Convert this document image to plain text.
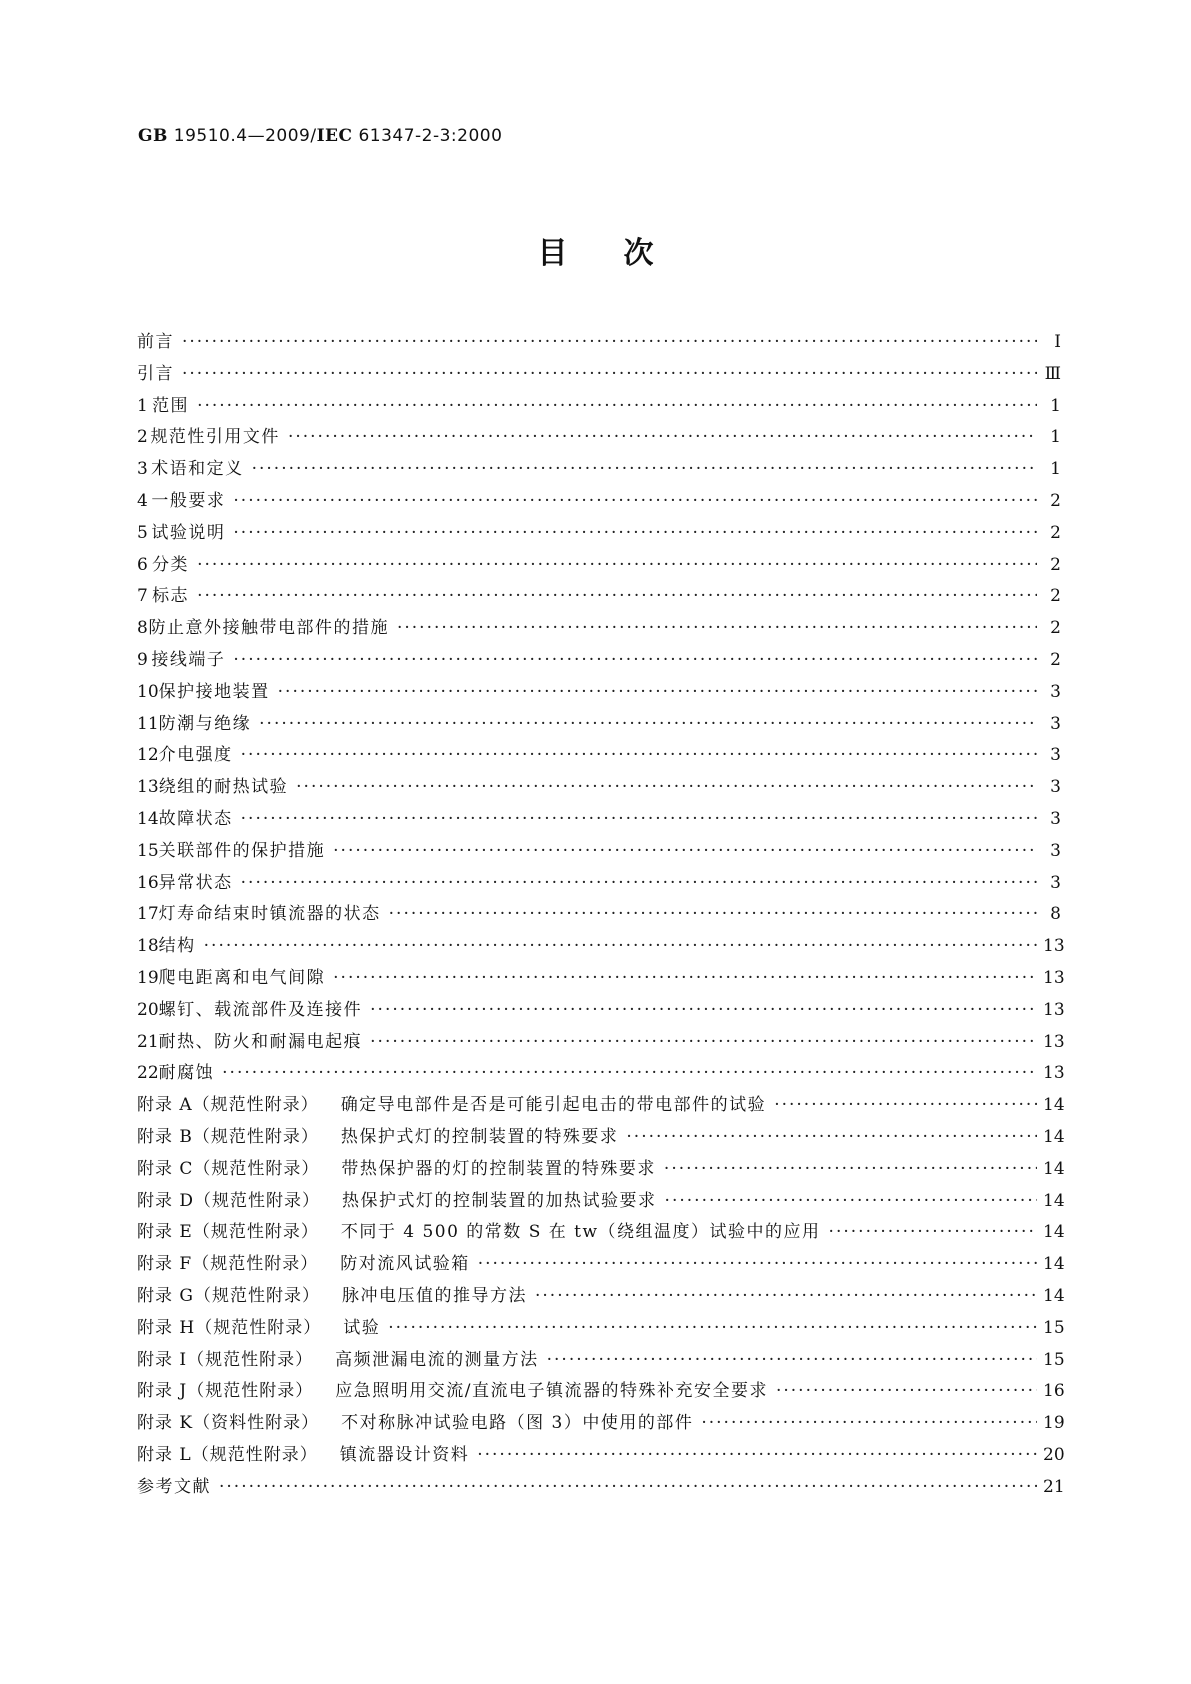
GB 19510.4—2009/IEC 61347-2-3:2000
目次
前言 ·····	Ⅰ
引言 ·····	Ⅲ
1 范围 ·····	1
2 规范性引用文件 ·····	1
3 术语和定义 ·····	1
4 一般要求 ·····	2
5 试验说明 ·····	2
6 分类 ·····	2
7 标志 ·····	2
8 防止意外接触带电部件的措施 ·····	2
9 接线端子 ·····	2
10 保护接地装置 ·····	3
11 防潮与绝缘 ·····	3
12 介电强度 ·····	3
13 绕组的耐热试验 ·····	3
14 故障状态 ·····	3
15 关联部件的保护措施 ·····	3
16 异常状态 ·····	3
17 灯寿命结束时镇流器的状态 ·····	8
18 结构 ·····	13
19 爬电距离和电气间隙 ·····	13
20 螺钉、载流部件及连接件 ·····	13
21 耐热、防火和耐漏电起痕 ·····	13
22 耐腐蚀 ·····	13
附录 A（规范性附录） 确定导电部件是否是可能引起电击的带电部件的试验 ·····	14
附录 B（规范性附录） 热保护式灯的控制装置的特殊要求 ·····	14
附录 C（规范性附录） 带热保护器的灯的控制装置的特殊要求 ·····	14
附录 D（规范性附录） 热保护式灯的控制装置的加热试验要求 ·····	14
附录 E（规范性附录） 不同于 4 500 的常数 S 在 tw（绕组温度）试验中的应用 ·····	14
附录 F（规范性附录） 防对流风试验箱 ·····	14
附录 G（规范性附录） 脉冲电压值的推导方法 ·····	14
附录 H（规范性附录） 试验 ·····	15
附录 I（规范性附录） 高频泄漏电流的测量方法 ·····	15
附录 J（规范性附录） 应急照明用交流/直流电子镇流器的特殊补充安全要求 ·····	16
附录 K（资料性附录） 不对称脉冲试验电路（图 3）中使用的部件 ·····	19
附录 L（规范性附录） 镇流器设计资料 ·····	20
参考文献 ·····	21
